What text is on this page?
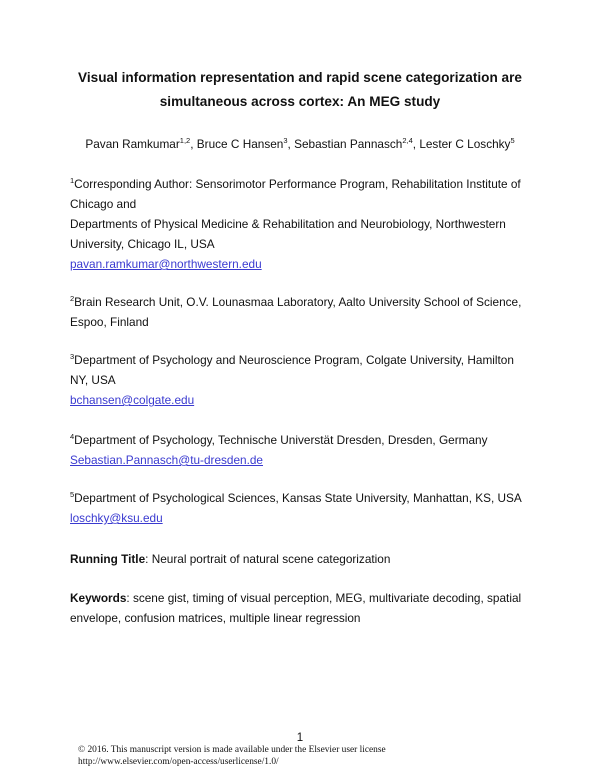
Visual information representation and rapid scene categorization are
simultaneous across cortex: An MEG study
Pavan Ramkumar$^{1,2}$, Bruce C Hansen$^3$, Sebastian Pannasch$^{2,4}$, Lester C Loschky$^5$
$^1$Corresponding Author: Sensorimotor Performance Program, Rehabilitation Institute of
Chicago and
Departments of Physical Medicine & Rehabilitation and Neurobiology, Northwestern
University, Chicago IL, USA
pavan.ramkumar@northwestern.edu
$^2$Brain Research Unit, O.V. Lounasmaa Laboratory, Aalto University School of Science,
Espoo, Finland
$^3$Department of Psychology and Neuroscience Program, Colgate University, Hamilton
NY, USA
bchansen@colgate.edu
$^4$Department of Psychology, Technische Universtät Dresden, Dresden, Germany
Sebastian.Pannasch@tu-dresden.de
$^5$Department of Psychological Sciences, Kansas State University, Manhattan, KS, USA
loschky@ksu.edu
Running Title: Neural portrait of natural scene categorization
Keywords: scene gist, timing of visual perception, MEG, multivariate decoding, spatial
envelope, confusion matrices, multiple linear regression
1
© 2016. This manuscript version is made available under the Elsevier user license
http://www.elsevier.com/open-access/userlicense/1.0/
